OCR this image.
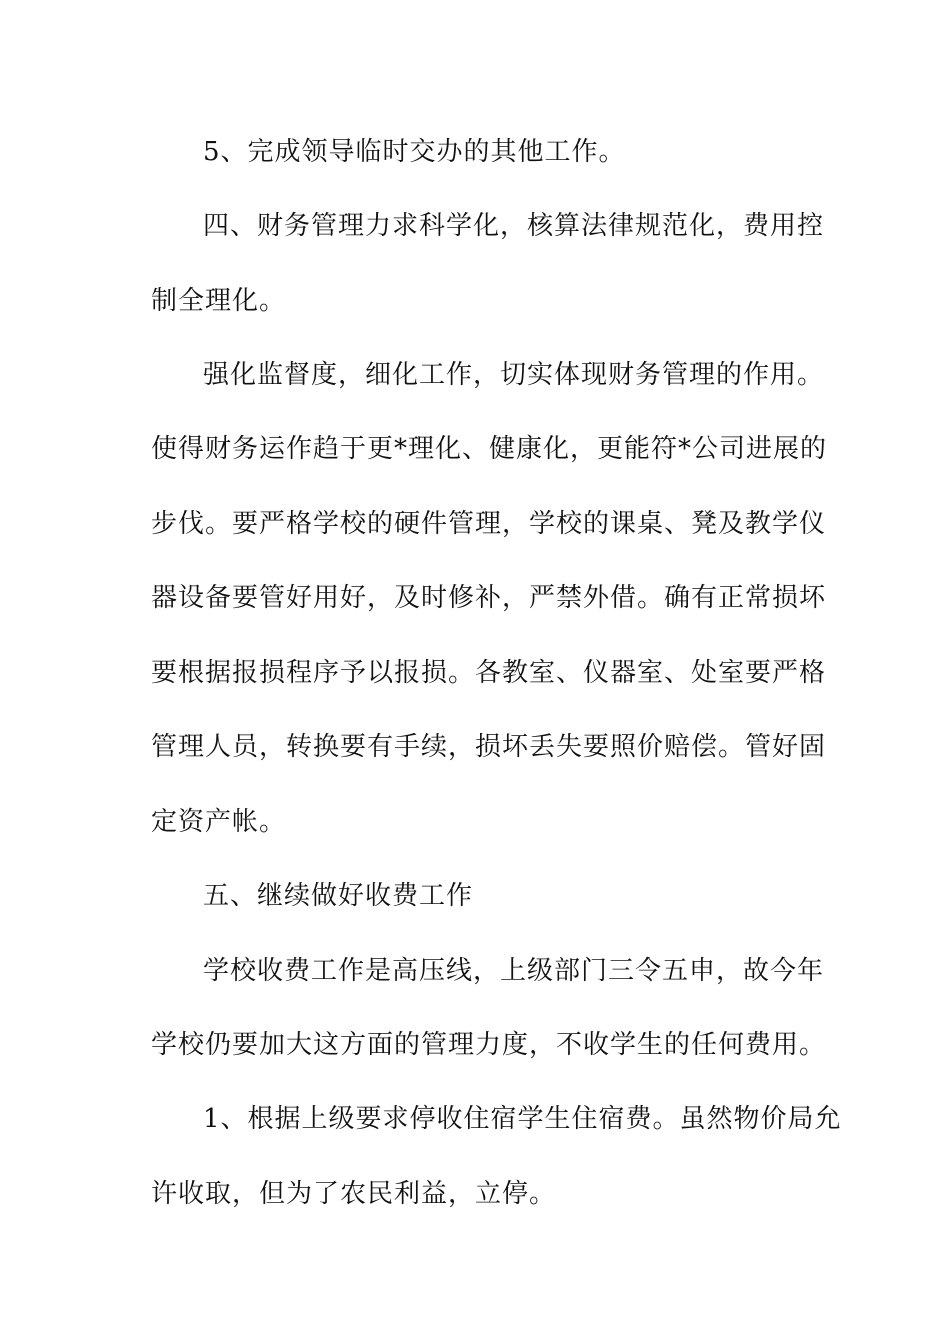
5、完成领导临时交办的其他工作。
四、财务管理力求科学化，核算法律规范化，费用控
制全理化。
强化监督度，细化工作，切实体现财务管理的作用。
使得财务运作趋于更*理化、健康化，更能符*公司进展的
步伐。要严格学校的硬件管理，学校的课桌、凳及教学仪
器设备要管好用好，及时修补，严禁外借。确有正常损坏
要根据报损程序予以报损。各教室、仪器室、处室要严格
管理人员，转换要有手续，损坏丢失要照价赔偿。管好固
定资产帐。
五、继续做好收费工作
学校收费工作是高压线，上级部门三令五申，故今年
学校仍要加大这方面的管理力度，不收学生的任何费用。
1、根据上级要求停收住宿学生住宿费。虽然物价局允
许收取，但为了农民利益，立停。
